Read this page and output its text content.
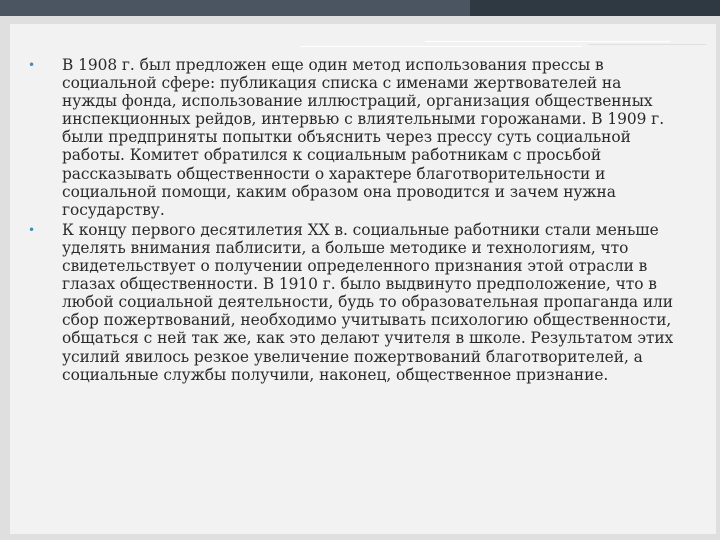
• В 1908 г. был предложен еще один метод использования прессы в социальной сфере: публикация списка с именами жертвователей на нужды фонда, использование иллюстраций, организация общественных инспекционных рейдов, интервью с влиятельными горожанами. В 1909 г. были предприняты попытки объяснить через прессу суть социальной работы. Комитет обратился к социальным работникам с просьбой рассказывать общественности о характере благотворительности и социальной помощи, каким образом она проводится и зачем нужна государству.
• К концу первого десятилетия XX в. социальные работники стали меньше уделять внимания паблисити, а больше методике и технологиям, что свидетельствует о получении определенного признания этой отрасли в глазах общественности. В 1910 г. было выдвинуто предположение, что в любой социальной деятельности, будь то образовательная пропаганда или сбор пожертвований, необходимо учитывать психологию общественности, общаться с ней так же, как это делают учителя в школе. Результатом этих усилий явилось резкое увеличение пожертвований благотворителей, а социальные службы получили, наконец, общественное признание.
